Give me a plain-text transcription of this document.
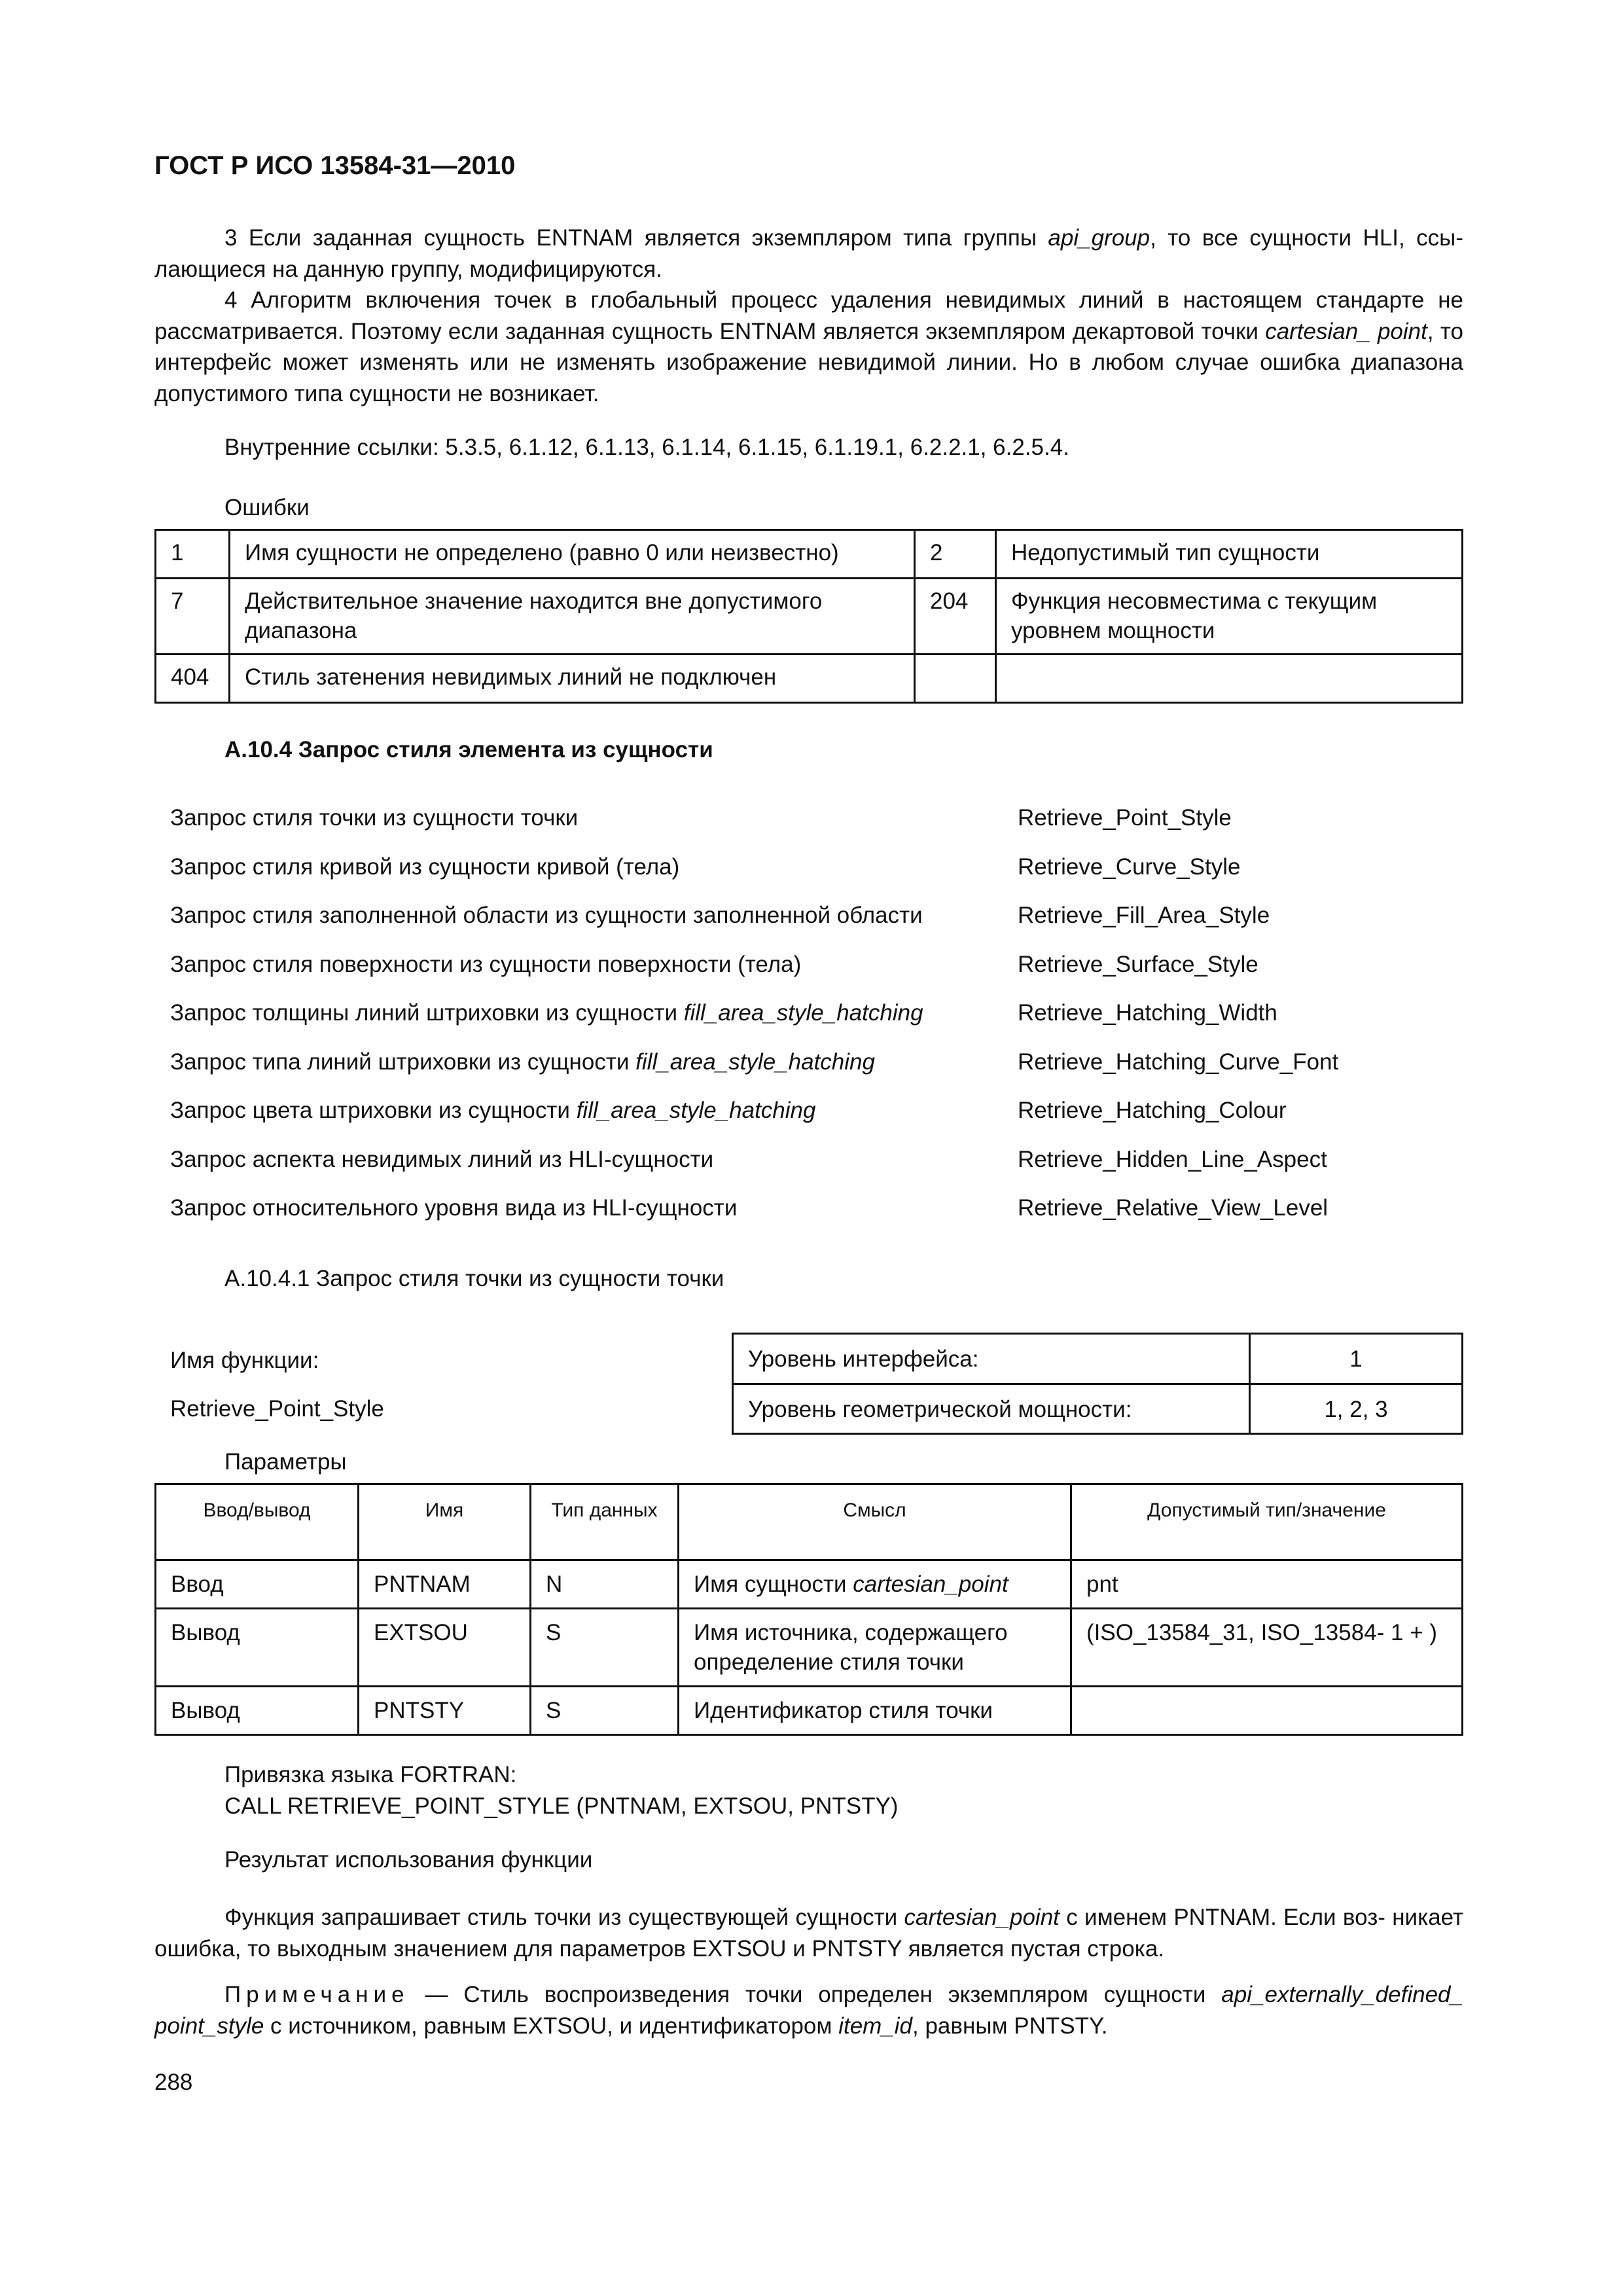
ГОСТ Р ИСО 13584-31—2010

3 Если заданная сущность ENTNAM является экземпляром типа группы api_group, то все сущности HLI, ссы- лающиеся на данную группу, модифицируются.

4 Алгоритм включения точек в глобальный процесс удаления невидимых линий в настоящем стандарте не рассматривается. Поэтому если заданная сущность ENTNAM является экземпляром декартовой точки cartesian_ point, то интерфейс может изменять или не изменять изображение невидимой линии. Но в любом случае ошибка диапазона допустимого типа сущности не возникает.

Внутренние ссылки: 5.3.5, 6.1.12, 6.1.13, 6.1.14, 6.1.15, 6.1.19.1, 6.2.2.1, 6.2.5.4.
Ошибки
1	Имя сущности не определено (равно 0 или неизвестно)	2	Недопустимый тип сущности
7	Действительное значение находится вне допустимого диапазона	204	Функция несовместима с текущим уровнем мощности
404	Стиль затенения невидимых линий не подключен		
А.10.4 Запрос стиля элемента из сущности
Запрос стиля точки из сущности точки	Retrieve_Point_Style
Запрос стиля кривой из сущности кривой (тела)	Retrieve_Curve_Style
Запрос стиля заполненной области из сущности заполненной области	Retrieve_Fill_Area_Style
Запрос стиля поверхности из сущности поверхности (тела)	Retrieve_Surface_Style
Запрос толщины линий штриховки из сущности fill_area_style_hatching	Retrieve_Hatching_Width
Запрос типа линий штриховки из сущности fill_area_style_hatching	Retrieve_Hatching_Curve_Font
Запрос цвета штриховки из сущности fill_area_style_hatching	Retrieve_Hatching_Colour
Запрос аспекта невидимых линий из HLI-сущности	Retrieve_Hidden_Line_Aspect
Запрос относительного уровня вида из HLI-сущности	Retrieve_Relative_View_Level
А.10.4.1 Запрос стиля точки из сущности точки
Имя функции:
Retrieve_Point_Style
Уровень интерфейса:	1
Уровень геометрической мощности:	1, 2, 3
Параметры
Ввод/вывод	Имя	Тип данных	Смысл	Допустимый тип/значение
Ввод	PNTNAM	N	Имя сущности cartesian_point	pnt
Вывод	EXTSOU	S	Имя источника, содержащего определение стиля точки	(ISO_13584_31, ISO_13584- 1 + )
Вывод	PNTSTY	S	Идентификатор стиля точки	
Привязка языка FORTRAN:
CALL RETRIEVE_POINT_STYLE (PNTNAM, EXTSOU, PNTSTY)
Результат использования функции
Функция запрашивает стиль точки из существующей сущности cartesian_point с именем PNTNAM. Если воз- никает ошибка, то выходным значением для параметров EXTSOU и PNTSTY является пустая строка.
Примечание — Стиль воспроизведения точки определен экземпляром сущности api_externally_defined_ point_style с источником, равным EXTSOU, и идентификатором item_id, равным PNTSTY.
288
